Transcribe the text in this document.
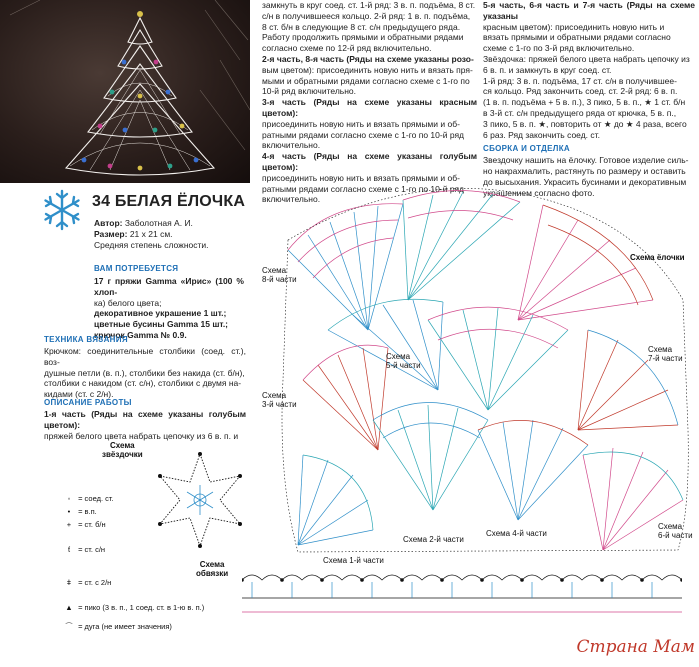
34 БЕЛАЯ ЁЛОЧКА
Автор: Заболотная А. И.
Размер: 21 x 21 см.
Средняя степень сложности.
ВАМ ПОТРЕБУЕТСЯ
17 г пряжи Gamma «Ирис» (100 % хлоп-
ка) белого цвета;
декоративное украшение 1 шт.;
цветные бусины Gamma 15 шт.;
крючок Gamma № 0.9.
ТЕХНИКА ВЯЗАНИЯ
Крючком: соединительные столбики (соед. ст.), воз-
душные петли (в. п.), столбики без накида (ст. б/н),
столбики с накидом (ст. с/н), столбики с двумя на-
кидами (ст. с 2/н).
ОПИСАНИЕ РАБОТЫ
1-я часть (Ряды на схеме указаны голубым цветом):
пряжей белого цвета набрать цепочку из 6 в. п. и
замкнуть в круг соед. ст. 1-й ряд: 3 в. п. подъёма, 8 ст.
с/н в получившееся кольцо. 2-й ряд: 1 в. п. подъёма,
8 ст. б/н в следующие 8 ст. с/н предыдущего ряда.
Работу продолжить прямыми и обратными рядами
согласно схеме по 12-й ряд включительно.
2-я часть, 8-я часть (Ряды на схеме указаны розо-
вым цветом): присоединить новую нить и вязать пря-
мыми и обратными рядами согласно схеме с 1-го по
10-й ряд включительно.
3-я часть (Ряды на схеме указаны красным цветом):
присоединить новую нить и вязать прямыми и об-
ратными рядами согласно схеме с 1-го по 10-й ряд
включительно.
4-я часть (Ряды на схеме указаны голубым цветом):
присоединить новую нить и вязать прямыми и об-
ратными рядами согласно схеме с 1-го по 10-й ряд
включительно.
5-я часть, 6-я часть и 7-я часть (Ряды на схеме указаны
красным цветом): присоединить новую нить и
вязать прямыми и обратными рядами согласно
схеме с 1-го по 3-й ряд включительно.
Звёздочка: пряжей белого цвета набрать цепочку из
6 в. п. и замкнуть в круг соед. ст.
1-й ряд: 3 в. п. подъёма, 17 ст. с/н в получившее-
ся кольцо. Ряд закончить соед. ст. 2-й ряд: 6 в. п.
(1 в. п. подъёма + 5 в. п.), 3 пико, 5 в. п., ★ 1 ст. б/н
в 3-й ст. с/н предыдущего ряда от крючка, 5 в. п.,
3 пико, 5 в. п. ★, повторить от ★ до ★ 4 раза, всего
6 раз. Ряд закончить соед. ст.
СБОРКА И ОТДЕЛКА
Звездочку нашить на ёлочку. Готовое изделие силь-
но накрахмалить, растянуть по размеру и оставить
до высыхания. Украсить бусинами и декоративным
украшением согласно фото.
Схема ёлочки
Схема 8-й части
Схема 5-й части
Схема 7-й части
Схема 3-й части
Схема 2-й части
Схема 4-й части
Схема 6-й части
Схема 1-й части
Схема
звёздочки
◦ = соед. ст.
• = в.п.
+ = ст. б/н
ƭ = ст. с/н
ǂ = ст. с 2/н
▲ = пико (3 в. п., 1 соед. ст. в 1-ю в. п.)
⌒ = дуга (не имеет значения)
Схема
обвязки
Страна Мам
